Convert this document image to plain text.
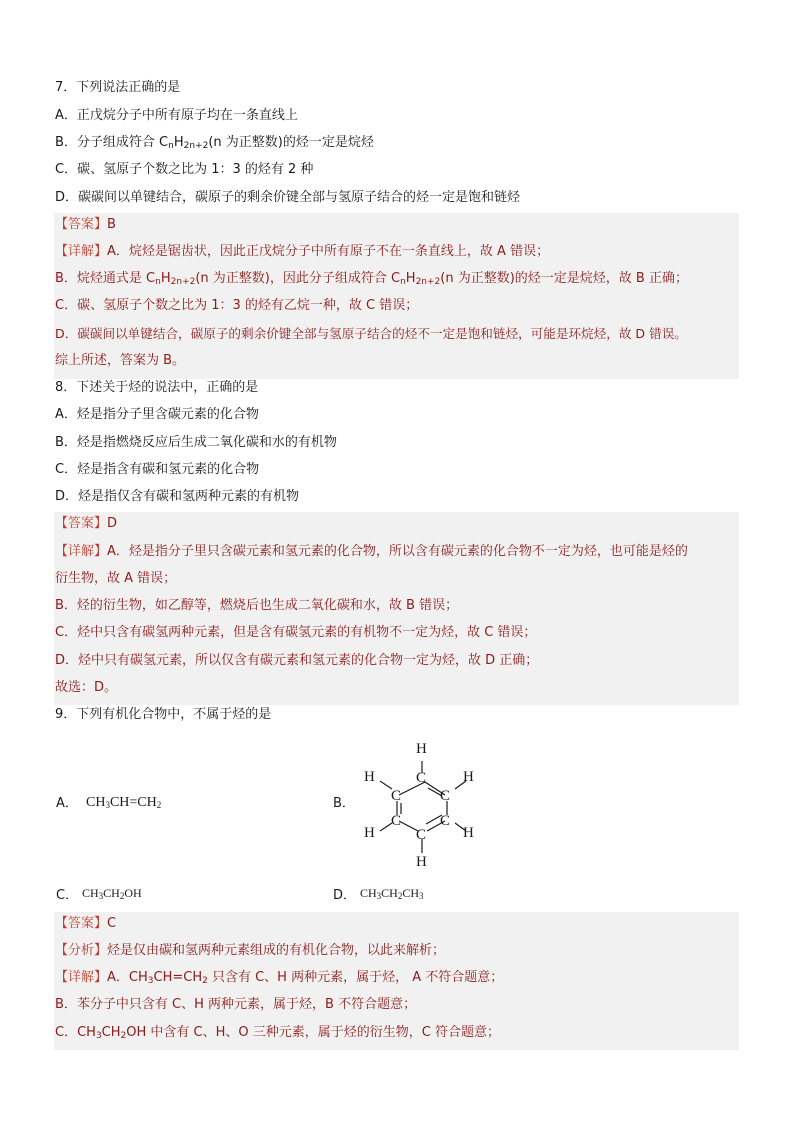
7．下列说法正确的是
A．正戊烷分子中所有原子均在一条直线上
B．分子组成符合 $C_nH_{2n+2}(n$ 为正整数)的烃一定是烷烃
C．碳、氢原子个数之比为 1：3 的烃有 2 种
D．碳碳间以单键结合，碳原子的剩余价键全部与氢原子结合的烃一定是饱和链烃
【答案】B
【详解】A．烷烃是锯齿状，因此正戊烷分子中所有原子不在一条直线上，故 A 错误；
B．烷烃通式是 $C_nH_{2n+2}(n$ 为正整数)，因此分子组成符合 $C_nH_{2n+2}(n$ 为正整数)的烃一定是烷烃，故 B 正确；
C．碳、氢原子个数之比为 1：3 的烃有乙烷一种，故 C 错误；
D．碳碳间以单键结合，碳原子的剩余价键全部与氢原子结合的烃不一定是饱和链烃，可能是环烷烃，故 D 错误。
综上所述，答案为 B。
8．下述关于烃的说法中，正确的是
A．烃是指分子里含碳元素的化合物
B．烃是指燃烧反应后生成二氧化碳和水的有机物
C．烃是指含有碳和氢元素的化合物
D．烃是指仅含有碳和氢两种元素的有机物
【答案】D
【详解】A．烃是指分子里只含碳元素和氢元素的化合物，所以含有碳元素的化合物不一定为烃，也可能是烃的
衍生物，故 A 错误；
B．烃的衍生物，如乙醇等，燃烧后也生成二氧化碳和水，故 B 错误；
C．烃中只含有碳氢两种元素，但是含有碳氢元素的有机物不一定为烃，故 C 错误；
D．烃中只有碳氢元素，所以仅含有碳元素和氢元素的化合物一定为烃，故 D 正确；
故选：D。
9．下列有机化合物中，不属于烃的是
A． $CH_3CH=CH_2$	B．
H
C
H	H
C	C
C	C
H	H
C
H
C． $CH_3CH_2OH$	D． $CH_3CH_2CH_3$
【答案】C
【分析】烃是仅由碳和氢两种元素组成的有机化合物，以此来解析；
【详解】A．$CH_3CH=CH_2$ 只含有 C、H 两种元素，属于烃， A 不符合题意；
B．苯分子中只含有 C、H 两种元素，属于烃，B 不符合题意；
C．$CH_3CH_2OH$ 中含有 C、H、O 三种元素，属于烃的衍生物，C 符合题意；
